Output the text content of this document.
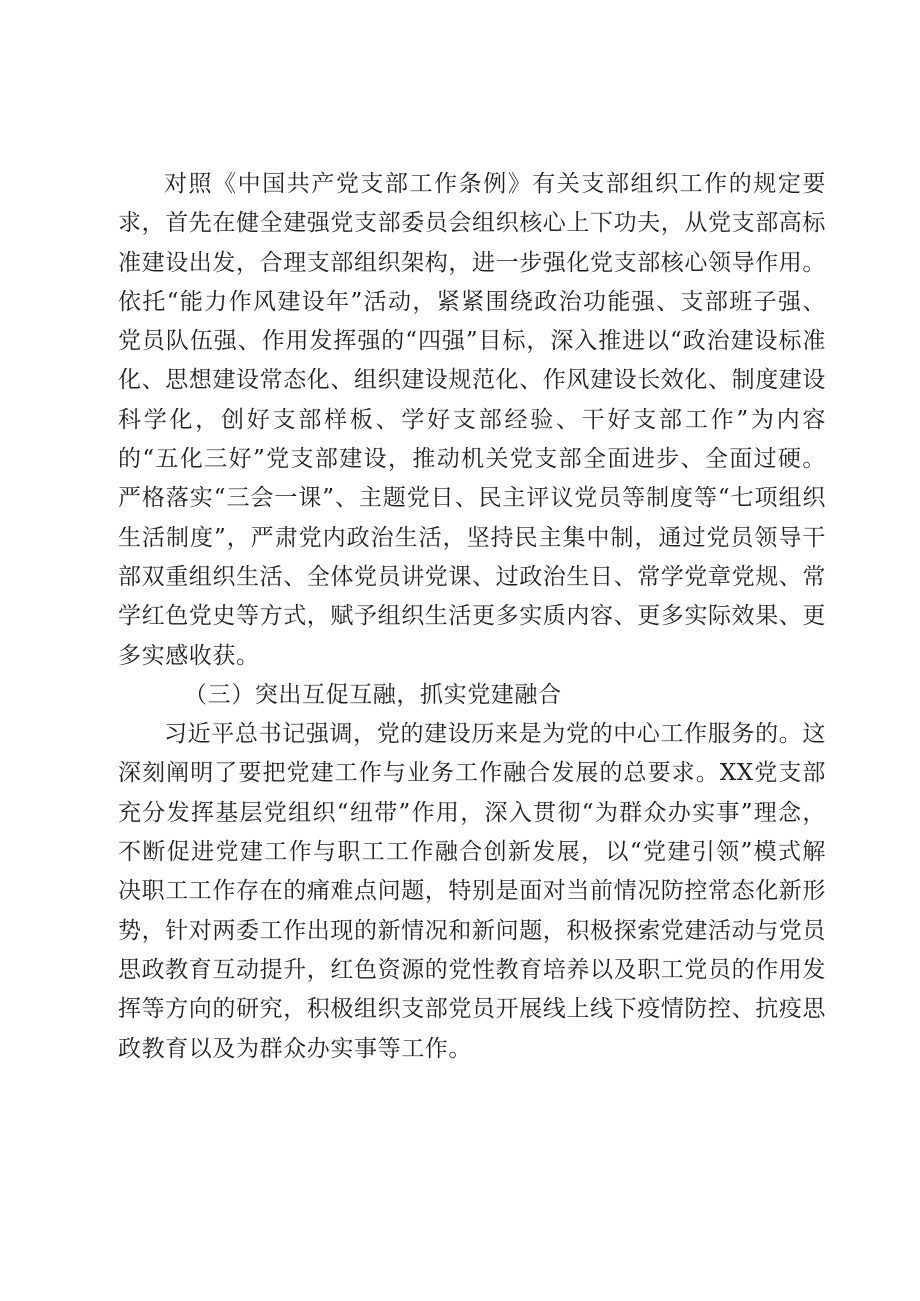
对照《中国共产党支部工作条例》有关支部组织工作的规定要求，首先在健全建强党支部委员会组织核心上下功夫，从党支部高标准建设出发，合理支部组织架构，进一步强化党支部核心领导作用。依托“能力作风建设年”活动，紧紧围绕政治功能强、支部班子强、党员队伍强、作用发挥强的“四强”目标，深入推进以“政治建设标准化、思想建设常态化、组织建设规范化、作风建设长效化、制度建设科学化，创好支部样板、学好支部经验、干好支部工作”为内容的“五化三好”党支部建设，推动机关党支部全面进步、全面过硬。严格落实“三会一课”、主题党日、民主评议党员等制度等“七项组织生活制度”，严肃党内政治生活，坚持民主集中制，通过党员领导干部双重组织生活、全体党员讲党课、过政治生日、常学党章党规、常学红色党史等方式，赋予组织生活更多实质内容、更多实际效果、更多实感收获。

（三）突出互促互融，抓实党建融合

习近平总书记强调，党的建设历来是为党的中心工作服务的。这深刻阐明了要把党建工作与业务工作融合发展的总要求。XX党支部充分发挥基层党组织“纽带”作用，深入贯彻“为群众办实事”理念，不断促进党建工作与职工工作融合创新发展，以“党建引领”模式解决职工工作存在的痛难点问题，特别是面对当前情况防控常态化新形势，针对两委工作出现的新情况和新问题，积极探索党建活动与党员思政教育互动提升，红色资源的党性教育培养以及职工党员的作用发挥等方向的研究，积极组织支部党员开展线上线下疫情防控、抗疫思政教育以及为群众办实事等工作。
